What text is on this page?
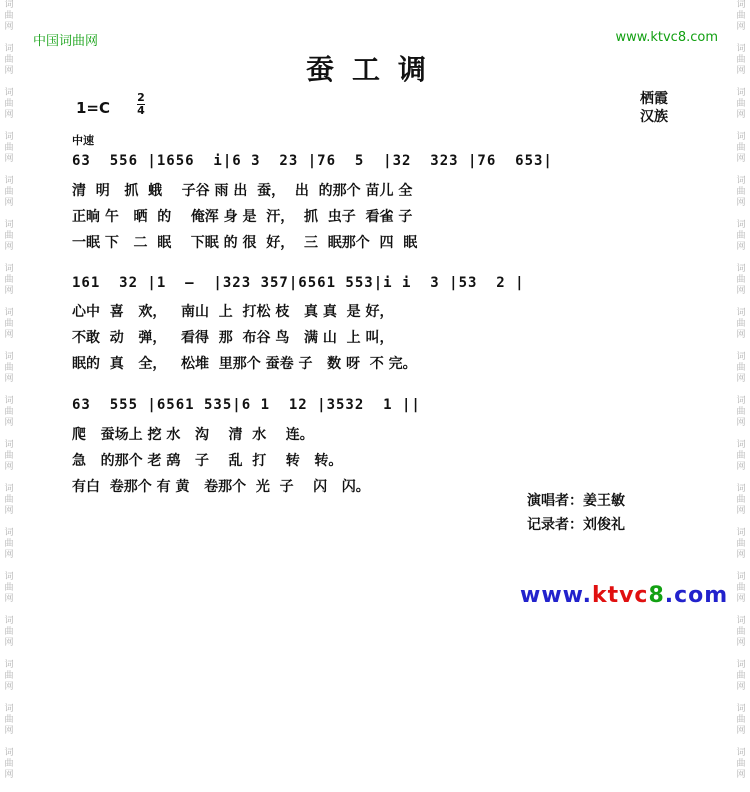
词
曲
网

词
曲
网

词
曲
网

词
曲
网

词
曲
网

词
曲
网

词
曲
网

词
曲
网

词
曲
网

词
曲
网

词
曲
网

词
曲
网

词
曲
网

词
曲
网

词
曲
网

词
曲
网

词
曲
网

词
曲
网

词
曲
网

词
曲
网

词
曲
网

词
曲
网

词
曲
网

词
曲
网

词
曲
网

词
曲
网

词
曲
网

词
曲
网

词
曲
网

词
曲
网

词
曲
网

词
曲
网

词
曲
网

词
曲
网

词
曲
网

词
曲
网

中国词曲网	www.ktvc8.com
蚕工调
1=C
2
4
栖霞
汉族
中速
63  556 |1656  i|6 3  23 |76  5  |32  323 |76  653|
清  明   抓  蛾    子谷 雨 出  蚕，  出  的那个 苗儿 全
正晌 午   晒  的    俺浑 身 是  汗，  抓  虫子  看雀 子
一眠 下   二  眠    下眠 的 很  好，  三  眠那个  四  眠
161  32 |1  —  |323 357|6561 553|i i  3 |53  2 |
心中  喜   欢，   南山  上  打松 枝   真 真  是 好，
不敢  动   弹，   看得  那  布谷 鸟   满 山  上 叫，
眠的  真   全，   松堆  里那个 蚕卷 子   数 呀  不 完。
63  555 |6561 535|6 1  12 |3532  1 ||
爬   蚕场上 挖 水   沟    清  水    连。
急   的那个 老 鸹   子    乱  打    转   转。
有白  卷那个 有 黄   卷那个  光  子    闪   闪。
演唱者：姜王敏
记录者：刘俊礼
www.ktvc8.com
